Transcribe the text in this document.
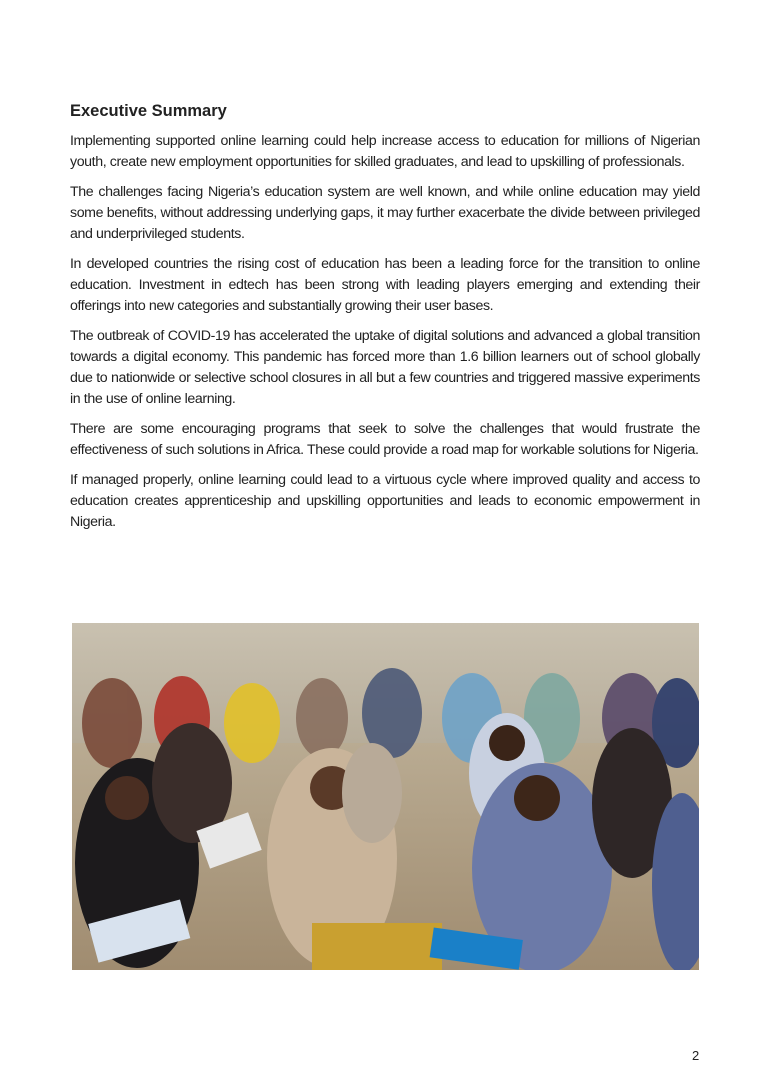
Executive Summary

Implementing supported online learning could help increase access to education for millions of Nigerian youth, create new employment opportunities for skilled graduates, and lead to upskilling of professionals.

The challenges facing Nigeria’s education system are well known, and while online education may yield some benefits, without addressing underlying gaps, it may further exacerbate the divide between privileged and underprivileged students.

In developed countries the rising cost of education has been a leading force for the transition to online education. Investment in edtech has been strong with leading players emerging and extending their offerings into new categories and substantially growing their user bases.

The outbreak of COVID-19 has accelerated the uptake of digital solutions and advanced a global transition towards a digital economy. This pandemic has forced more than 1.6 billion learners out of school globally due to nationwide or selective school closures in all but a few countries and triggered massive experiments in the use of online learning.

There are some encouraging programs that seek to solve the challenges that would frustrate the effectiveness of such solutions in Africa. These could provide a road map for workable solutions for Nigeria.

If managed properly, online learning could lead to a virtuous cycle where improved quality and access to education creates apprenticeship and upskilling opportunities and leads to economic empowerment in Nigeria.

2
